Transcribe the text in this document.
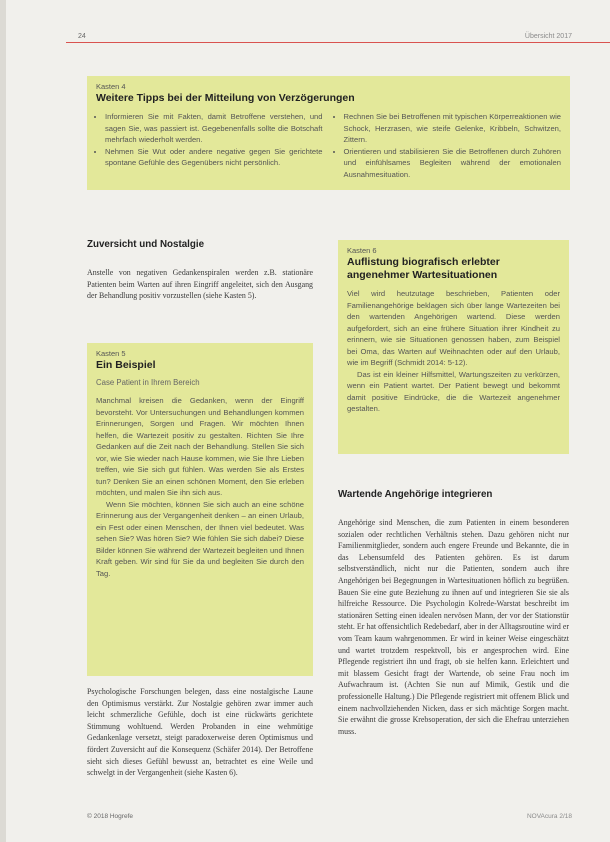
24	Übersicht 2017
Kasten 4
Weitere Tipps bei der Mitteilung von Verzögerungen
• Informieren Sie mit Fakten, damit Betroffene verstehen, und sagen Sie, was passiert ist. Gegebenenfalls sollte die Botschaft mehrfach wiederholt werden.
• Nehmen Sie Wut oder andere negative gegen Sie gerichtete spontane Gefühle des Gegenübers nicht persönlich.
• Rechnen Sie bei Betroffenen mit typischen Körperreaktionen wie Schock, Herzrasen, wie steife Gelenke, Kribbeln, Schwitzen, Zittern.
• Orientieren und stabilisieren Sie die Betroffenen durch Zuhören und einfühlsames Begleiten während der emotionalen Ausnahmesituation.
Zuversicht und Nostalgie

Anstelle von negativen Gedankenspiralen werden z.B. stationäre Patienten beim Warten auf ihren Eingriff angeleitet, sich den Ausgang der Behandlung positiv vorzustellen (siehe Kasten 5).

Kasten 5
Ein Beispiel
Case Patient in Ihrem Bereich

Manchmal kreisen die Gedanken, wenn der Eingriff bevorsteht. Vor Untersuchungen und Behandlungen kommen Erinnerungen, Sorgen und Fragen. Wir möchten Ihnen helfen, die Wartezeit positiv zu gestalten. Richten Sie Ihre Gedanken auf die Zeit nach der Behandlung. Stellen Sie sich vor, wie Sie wieder nach Hause kommen, wie Sie Ihre Lieben treffen, wie Sie sich gut fühlen. Was werden Sie als Erstes tun? Denken Sie an einen schönen Moment, den Sie erleben möchten, und malen Sie ihn sich aus.

Wenn Sie möchten, können Sie sich auch an eine schöne Erinnerung aus der Vergangenheit denken – an einen Urlaub, ein Fest oder einen Menschen, der Ihnen viel bedeutet. Was sehen Sie? Was hören Sie? Wie fühlen Sie sich dabei? Diese Bilder können Sie während der Wartezeit begleiten und Ihnen Kraft geben. Wir sind für Sie da und begleiten Sie durch den Tag.

Psychologische Forschungen belegen, dass eine nostalgische Laune den Optimismus verstärkt. Zur Nostalgie gehören zwar immer auch leicht schmerzliche Gefühle, doch ist eine rückwärts gerichtete Stimmung wohltuend. Werden Probanden in eine wehmütige Gedankenlage versetzt, steigt paradoxerweise deren Optimismus und fördert Zuversicht auf die Konsequenz (Schäfer 2014). Der Betroffene sieht sich dieses Gefühl bewusst an, betrachtet es eine Weile und schwelgt in der Vergangenheit (siehe Kasten 6).

Kasten 6
Auflistung biografisch erlebter angenehmer Wartesituationen

Viel wird heutzutage beschrieben, Patienten oder Familienangehörige beklagen sich über lange Wartezeiten bei den wartenden Angehörigen wartend. Diese werden aufgefordert, sich an eine frühere Situation ihrer Kindheit zu erinnern, wie sie Situationen genossen haben, zum Beispiel bei Oma, das Warten auf Weihnachten oder auf den Urlaub, wie im Begriff (Schmidt 2014: 5-12).

Das ist ein kleiner Hilfsmittel, Wartungszeiten zu verkürzen, wenn ein Patient wartet. Der Patient bewegt und bekommt damit positive Eindrücke, die die Wartezeit angenehmer gestalten.

Wartende Angehörige integrieren

Angehörige sind Menschen, die zum Patienten in einem besonderen sozialen oder rechtlichen Verhältnis stehen. Dazu gehören nicht nur Familienmitglieder, sondern auch engere Freunde und Bekannte, die in das Lebensumfeld des Patienten gehören. Es ist darum selbstverständlich, nicht nur die Patienten, sondern auch ihre Angehörigen bei Begegnungen in Wartesituationen höflich zu begrüßen. Bauen Sie eine gute Beziehung zu ihnen auf und integrieren Sie sie als hilfreiche Ressource. Die Psychologin Kolrede-Warstat beschreibt im stationären Setting einen idealen nervösen Mann, der vor der Stationstür steht. Er hat offensichtlich Redebedarf, aber in der Alltagsroutine wird er vom Team kaum wahrgenommen. Er wird in keiner Weise eingeschätzt und wartet trotzdem respektvoll, bis er angesprochen wird. Eine Pflegende registriert ihn und fragt, ob sie helfen kann. Erleichtert und mit blassem Gesicht fragt der Wartende, ob seine Frau noch im Aufwachraum ist. (Achten Sie nun auf Mimik, Gestik und die professionelle Haltung.) Die Pflegende registriert mit offenem Blick und einem nachvollziehenden Nicken, dass er sich mächtige Sorgen macht. Sie erwähnt die grosse Krebsoperation, der sich die Ehefrau unterziehen muss.

© 2018 Hogrefe	NOVAcura 2/18
